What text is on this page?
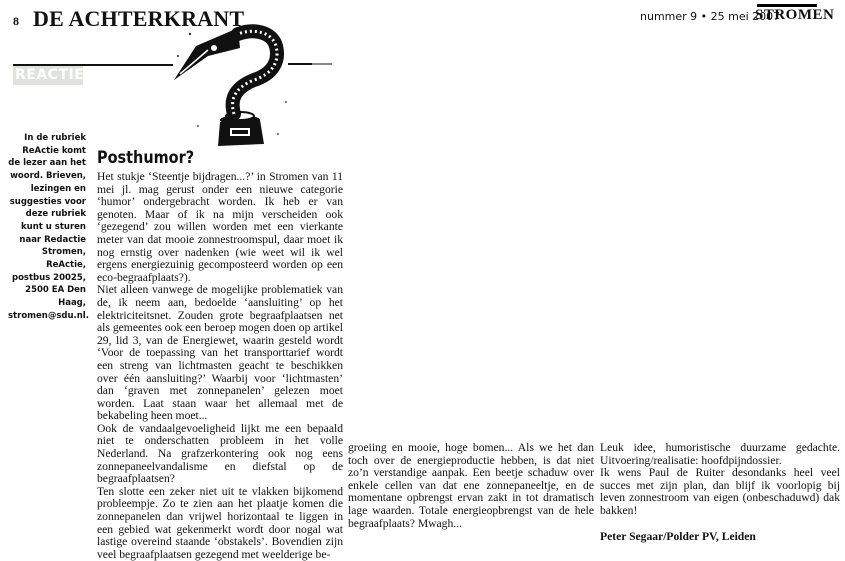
8 DE ACHTERKRANT	nummer 9 • 25 mei 2007
STROMEN
REACTIE
In de rubriek ReActie komt de lezer aan het woord. Brieven, lezingen en suggesties voor deze rubriek kunt u sturen naar Redactie Stromen, ReActie, postbus 20025, 2500 EA Den Haag, stromen@sdu.nl.
Posthumor?

Het stukje ‘Steentje bijdragen...?’ in Stromen van 11 mei jl. mag gerust onder een nieuwe categorie ‘humor’ ondergebracht worden. Ik heb er van genoten. Maar of ik na mijn verscheiden ook ‘gezegend’ zou willen worden met een vierkante meter van dat mooie zonnestroomspul, daar moet ik nog ernstig over nadenken (wie weet wil ik wel ergens energiezuinig gecomposteerd worden op een eco-begraafplaats?).

Niet alleen vanwege de mogelijke problematiek van de, ik neem aan, bedoelde ‘aansluiting’ op het elektriciteitsnet. Zouden grote begraafplaatsen net als gemeentes ook een beroep mogen doen op artikel 29, lid 3, van de Energiewet, waarin gesteld wordt ‘Voor de toepassing van het transporttarief wordt een streng van lichtmasten geacht te beschikken over één aansluiting?’ Waarbij voor ‘lichtmasten’ dan ‘graven met zonnepanelen’ gelezen moet worden. Laat staan waar het allemaal met de bekabeling heen moet...

Ook de vandaalgevoeligheid lijkt me een bepaald niet te onderschatten probleem in het volle Nederland. Na grafzerkontering ook nog eens zonnepaneelvandalisme en diefstal op de begraafplaatsen?

Ten slotte een zeker niet uit te vlakken bijkomend probleempje. Zo te zien aan het plaatje komen die zonnepanelen dan vrijwel horizontaal te liggen in een gebied wat gekenmerkt wordt door nogal wat lastige overeind staande ‘obstakels’. Bovendien zijn veel begraafplaatsen gezegend met weelderige be-

groeiing en mooie, hoge bomen... Als we het dan toch over de energieproductie hebben, is dat niet zo’n verstandige aanpak. Een beetje schaduw over enkele cellen van dat ene zonnepaneeltje, en de momentane opbrengst ervan zakt in tot dramatisch lage waarden. Totale energieopbrengst van de hele begraafplaats? Mwagh...

Leuk idee, humoristische duurzame gedachte. Uitvoering/realisatie: hoofdpijndossier.

Ik wens Paul de Ruiter desondanks heel veel succes met zijn plan, dan blijf ik voorlopig bij leven zonnestroom van eigen (onbeschaduwd) dak bakken!

Peter Segaar/Polder PV, Leiden
